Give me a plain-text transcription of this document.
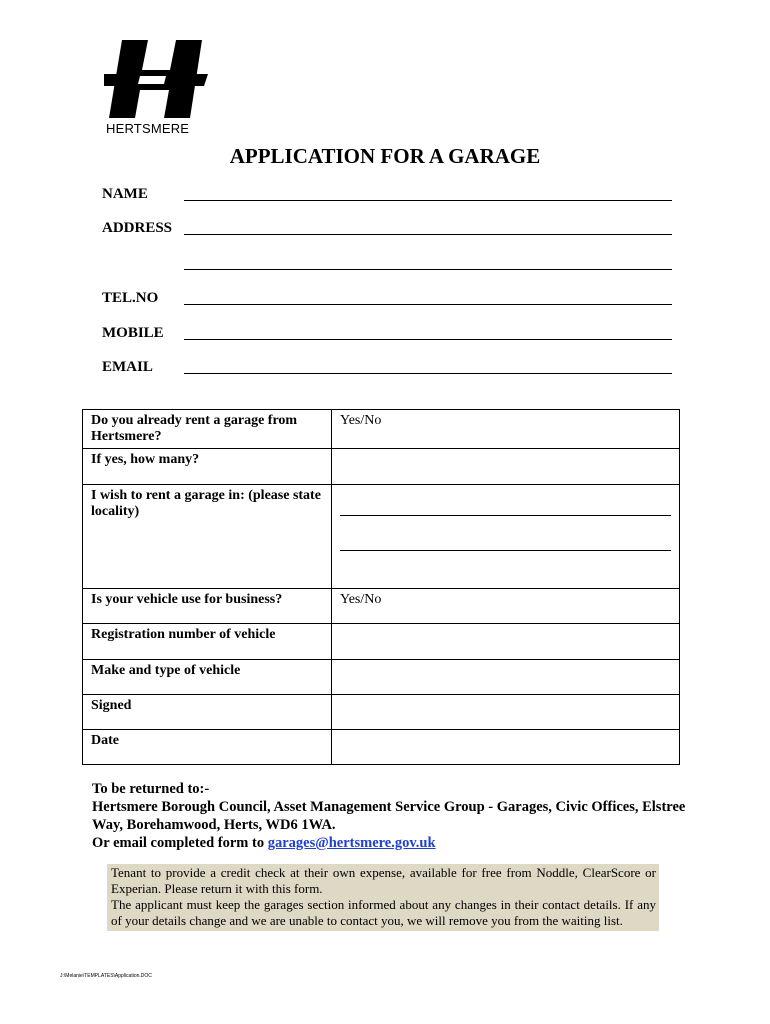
HERTSMERE
APPLICATION FOR A GARAGE
NAME
ADDRESS
TEL.NO
MOBILE
EMAIL
Do you already rent a garage from Hertsmere?	Yes/No
If yes, how many?	
I wish to rent a garage in: (please state locality)	

Is your vehicle use for business?	Yes/No
Registration number of vehicle	
Make and type of vehicle	
Signed	
Date	
To be returned to:-
Hertsmere Borough Council, Asset Management Service Group - Garages, Civic Offices, Elstree Way, Borehamwood, Herts, WD6 1WA.
Or email completed form to garages@hertsmere.gov.uk

Tenant to provide a credit check at their own expense, available for free from Noddle, ClearScore or Experian. Please return it with this form.

The applicant must keep the garages section informed about any changes in their contact details. If any of your details change and we are unable to contact you, we will remove you from the waiting list.

J:\Melanie\TEMPLATES\Application.DOC
